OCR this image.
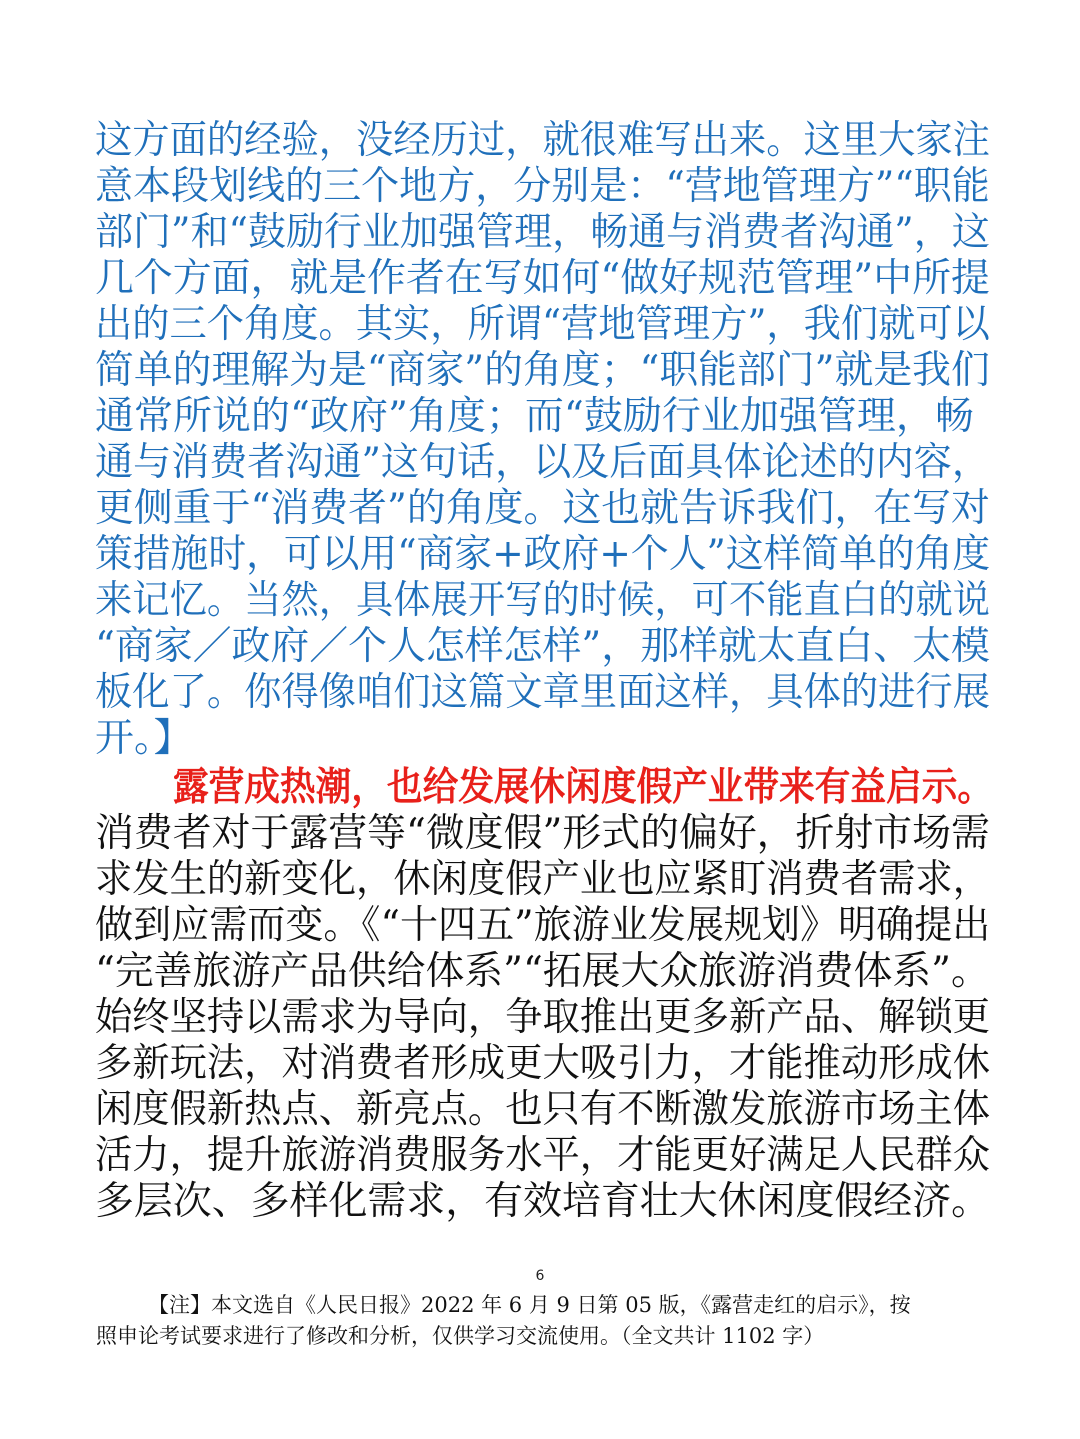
这方面的经验，没经历过，就很难写出来。这里大家注
意本段划线的三个地方，分别是：“营地管理方”“职能
部门”和“鼓励行业加强管理，畅通与消费者沟通”，这
几个方面，就是作者在写如何“做好规范管理”中所提
出的三个角度。其实，所谓“营地管理方”，我们就可以
简单的理解为是“商家”的角度；“职能部门”就是我们
通常所说的“政府”角度；而“鼓励行业加强管理，畅
通与消费者沟通”这句话，以及后面具体论述的内容，
更侧重于“消费者”的角度。这也就告诉我们，在写对
策措施时，可以用“商家+政府+个人”这样简单的角度
来记忆。当然，具体展开写的时候，可不能直白的就说
“商家／政府／个人怎样怎样”，那样就太直白、太模
板化了。你得像咱们这篇文章里面这样，具体的进行展
开。】
露营成热潮，也给发展休闲度假产业带来有益启示。
消费者对于露营等“微度假”形式的偏好，折射市场需
求发生的新变化，休闲度假产业也应紧盯消费者需求，
做到应需而变。《“十四五”旅游业发展规划》明确提出
“完善旅游产品供给体系”“拓展大众旅游消费体系”。
始终坚持以需求为导向，争取推出更多新产品、解锁更
多新玩法，对消费者形成更大吸引力，才能推动形成休
闲度假新热点、新亮点。也只有不断激发旅游市场主体
活力，提升旅游消费服务水平，才能更好满足人民群众
多层次、多样化需求，有效培育壮大休闲度假经济。
6
【注】本文选自《人民日报》2022 年 6 月 9 日第 05 版，《露营走红的启示》，按
照申论考试要求进行了修改和分析，仅供学习交流使用。（全文共计 1102 字）
